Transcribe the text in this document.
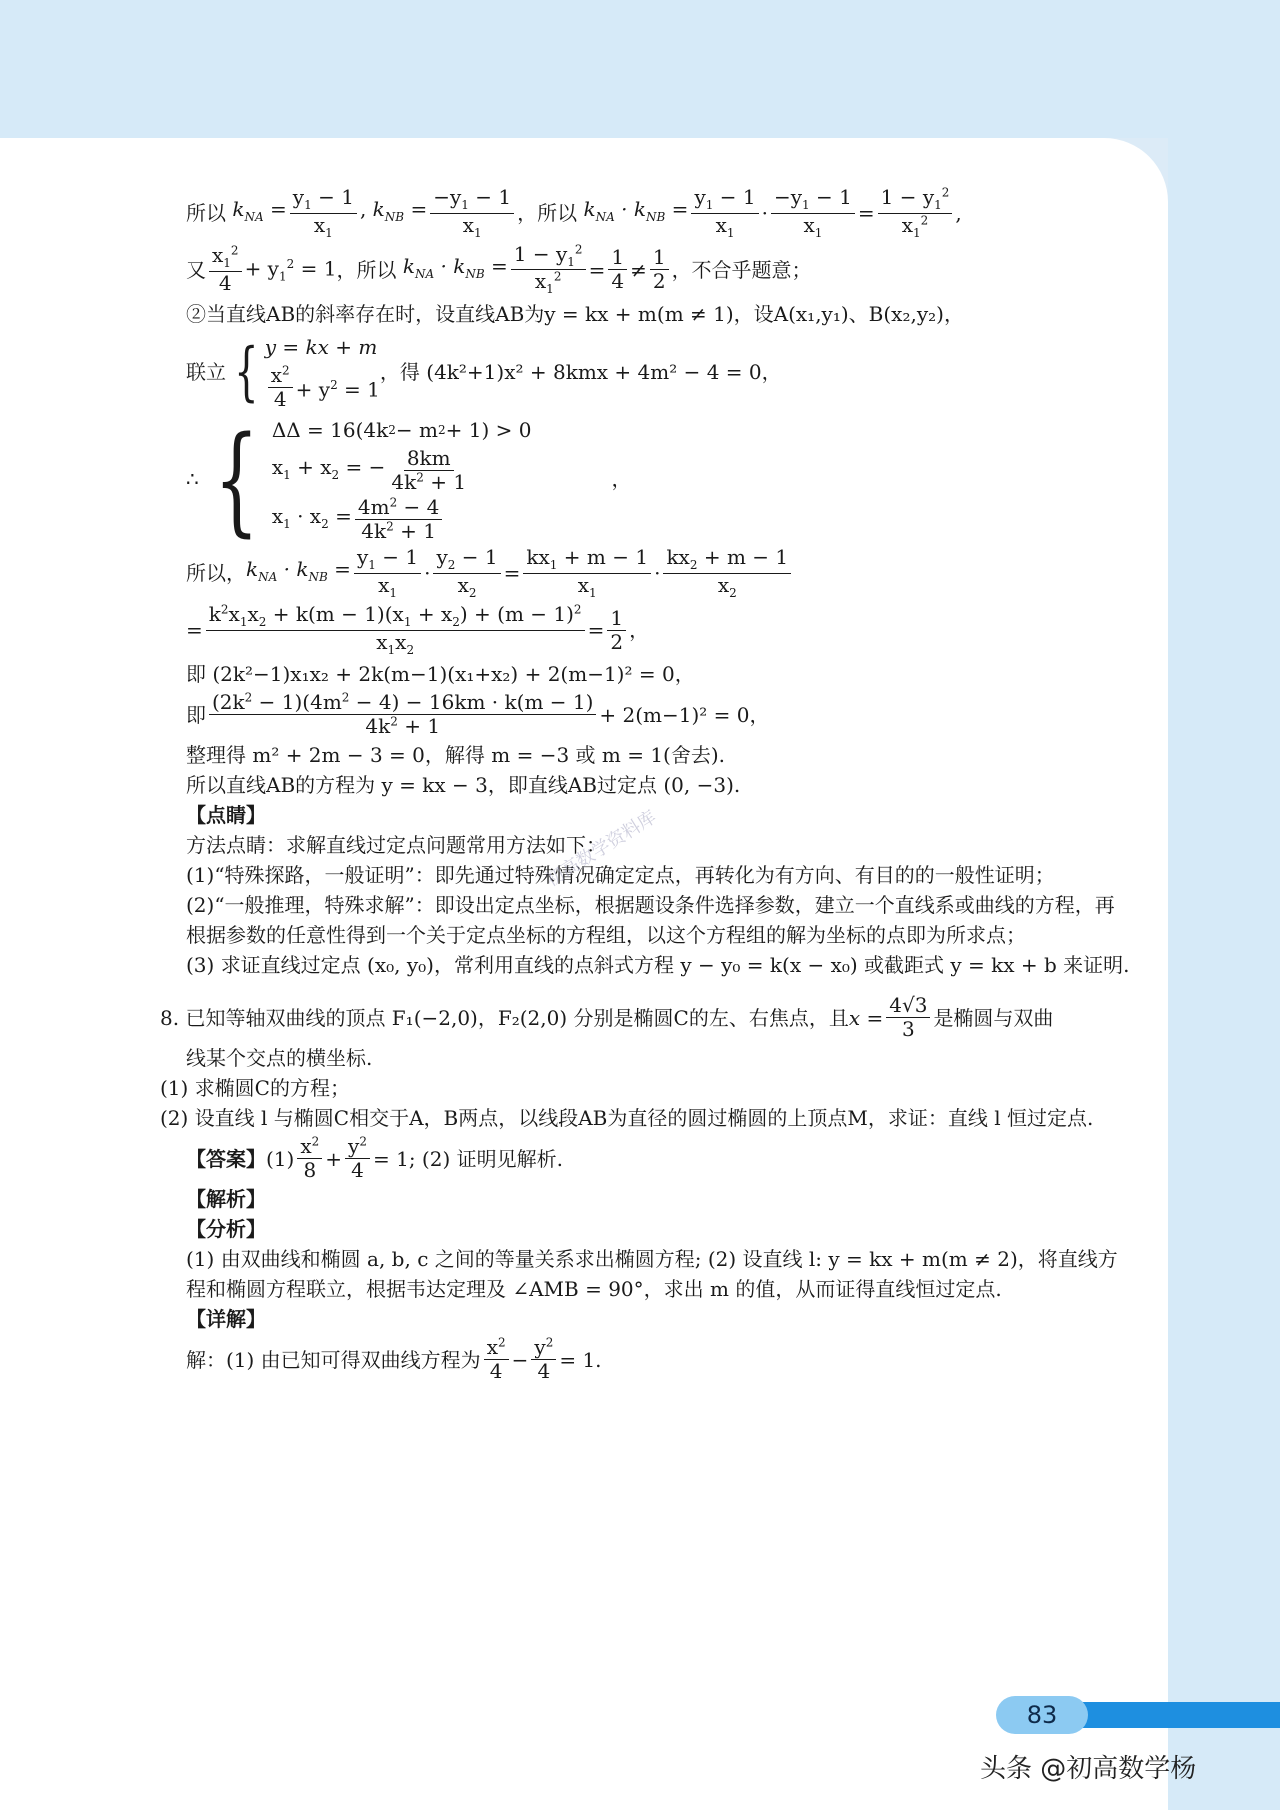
所以 $k_{NA} = \frac{y_1 - 1}{x_1}$ , $k_{NB} = \frac{-y_1 - 1}{x_1}$ ，所以 $k_{NA} \cdot k_{NB} = \frac{y_1 - 1}{x_1} \cdot \frac{-y_1 - 1}{x_1} = \frac{1 - y_1^2}{x_1^2}$ ,
又 $\frac{x_1^2}{4} + y_1^2 = 1$ ，所以 $k_{NA} \cdot k_{NB} = \frac{1 - y_1^2}{x_1^2} = \frac{1}{4} \ne \frac{1}{2}$ ，不合乎题意；

②当直线AB的斜率存在时，设直线AB为y = kx + m(m ≠ 1)，设A(x₁,y₁)、B(x₂,y₂)，

联立 { y = kx + m
$\frac{x^2}{4} + y^2 = 1$
，得 (4k²+1)x² + 8kmx + 4m² − 4 = 0，
∴ { ΔΔ = 16(4k 2 − m 2 + 1) > 0
$x_1 + x_2$ = − $\frac{8km}{4k^2 + 1}$
$x_1 \cdot x_2 = \frac{4m^2 - 4}{4k^2 + 1}$
，
所以， $k_{NA} \cdot k_{NB} = \frac{y_1 - 1}{x_1} \cdot \frac{y_2 - 1}{x_2} = \frac{kx_1 + m - 1}{x_1} \cdot \frac{kx_2 + m - 1}{x_2}$
= $\frac{k^2x_1x_2 + k(m - 1)(x_1 + x_2) + (m - 1)^2}{x_1x_2} = \frac{1}{2}$ ，

即 (2k²−1)x₁x₂ + 2k(m−1)(x₁+x₂) + 2(m−1)² = 0，

即 $\frac{(2k^2 - 1)(4m^2 - 4) - 16km \cdot k(m - 1)}{4k^2 + 1} + 2(m-1)^2 = 0$，

整理得 m² + 2m − 3 = 0，解得 m = −3 或 m = 1(舍去).

所以直线AB的方程为 y = kx − 3，即直线AB过定点 (0, −3).

【点睛】

方法点睛：求解直线过定点问题常用方法如下：

(1)“特殊探路，一般证明”：即先通过特殊情况确定定点，再转化为有方向、有目的的一般性证明；

(2)“一般推理，特殊求解”：即设出定点坐标，根据题设条件选择参数，建立一个直线系或曲线的方程，再根据参数的任意性得到一个关于定点坐标的方程组，以这个方程组的解为坐标的点即为所求点；

(3) 求证直线过定点 (x₀, y₀)，常利用直线的点斜式方程 y − y₀ = k(x − x₀) 或截距式 y = kx + b 来证明.

8. 已知等轴双曲线的顶点 F₁(−2,0)，F₂(2,0) 分别是椭圆C的左、右焦点，且 $x = \frac{4√3}{3}$ 是椭圆与双曲

线某个交点的横坐标.

(1) 求椭圆C的方程；

(2) 设直线 l 与椭圆C相交于A，B两点，以线段AB为直径的圆过椭圆的上顶点M，求证：直线 l 恒过定点.

【答案】 $(1) \frac{x^2}{8} + \frac{y^2}{4} = 1$; (2) 证明见解析.

【解析】

【分析】

(1) 由双曲线和椭圆 a, b, c 之间的等量关系求出椭圆方程; (2) 设直线 l: y = kx + m(m ≠ 2)，将直线方程和椭圆方程联立，根据韦达定理及 ∠AMB = 90°，求出 m 的值，从而证得直线恒过定点.

【详解】

解：(1) 由已知可得双曲线方程为 $\frac{x^2}{4} - \frac{y^2}{4} = 1$.
初高数学资料库
83
头条 @初高数学杨
